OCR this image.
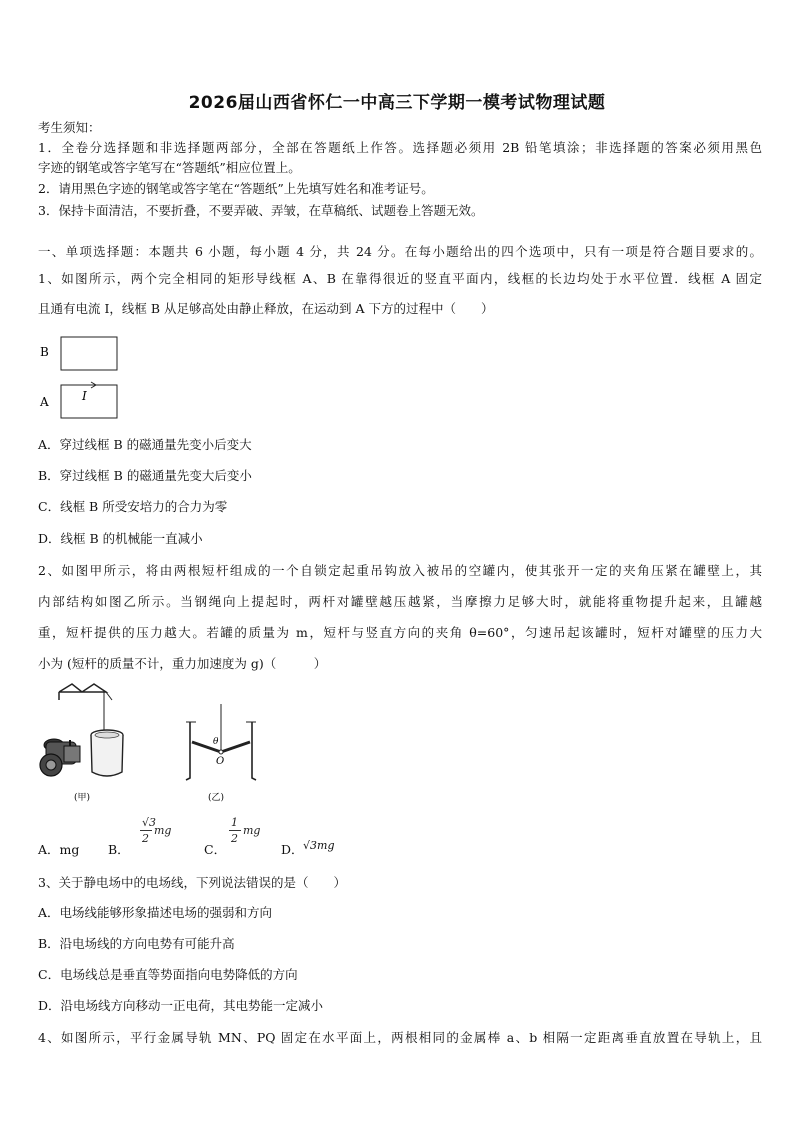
2026届山西省怀仁一中高三下学期一模考试物理试题
考生须知：
1．全卷分选择题和非选择题两部分，全部在答题纸上作答。选择题必须用 2B 铅笔填涂；非选择题的答案必须用黑色
字迹的钢笔或答字笔写在“答题纸”相应位置上。
2．请用黑色字迹的钢笔或答字笔在“答题纸”上先填写姓名和准考证号。
3．保持卡面清洁，不要折叠，不要弄破、弄皱，在草稿纸、试题卷上答题无效。
一、单项选择题：本题共 6 小题，每小题 4 分，共 24 分。在每小题给出的四个选项中，只有一项是符合题目要求的。
1、如图所示，两个完全相同的矩形导线框 A、B 在靠得很近的竖直平面内，线框的长边均处于水平位置．线框 A 固定
且通有电流 I，线框 B 从足够高处由静止释放，在运动到 A 下方的过程中（　　）
B
A	I
A．穿过线框 B 的磁通量先变小后变大
B．穿过线框 B 的磁通量先变大后变小
C．线框 B 所受安培力的合力为零
D．线框 B 的机械能一直减小
2、如图甲所示，将由两根短杆组成的一个自锁定起重吊钩放入被吊的空罐内，使其张开一定的夹角压紧在罐壁上，其
内部结构如图乙所示。当钢绳向上提起时，两杆对罐壁越压越紧，当摩擦力足够大时，就能将重物提升起来，且罐越
重，短杆提供的压力越大。若罐的质量为 m，短杆与竖直方向的夹角 θ=60°，匀速吊起该罐时，短杆对罐壁的压力大
小为 (短杆的质量不计，重力加速度为 g)（　　　）
(甲)
θ
O
(乙)
A．mg B．
√3
2
mg
C．
1
2
mg
D． √3mg
3、关于静电场中的电场线，下列说法错误的是（　　）
A．电场线能够形象描述电场的强弱和方向
B．沿电场线的方向电势有可能升高
C．电场线总是垂直等势面指向电势降低的方向
D．沿电场线方向移动一正电荷，其电势能一定减小
4、如图所示，平行金属导轨 MN、PQ 固定在水平面上，两根相同的金属棒 a、b 相隔一定距离垂直放置在导轨上，且
